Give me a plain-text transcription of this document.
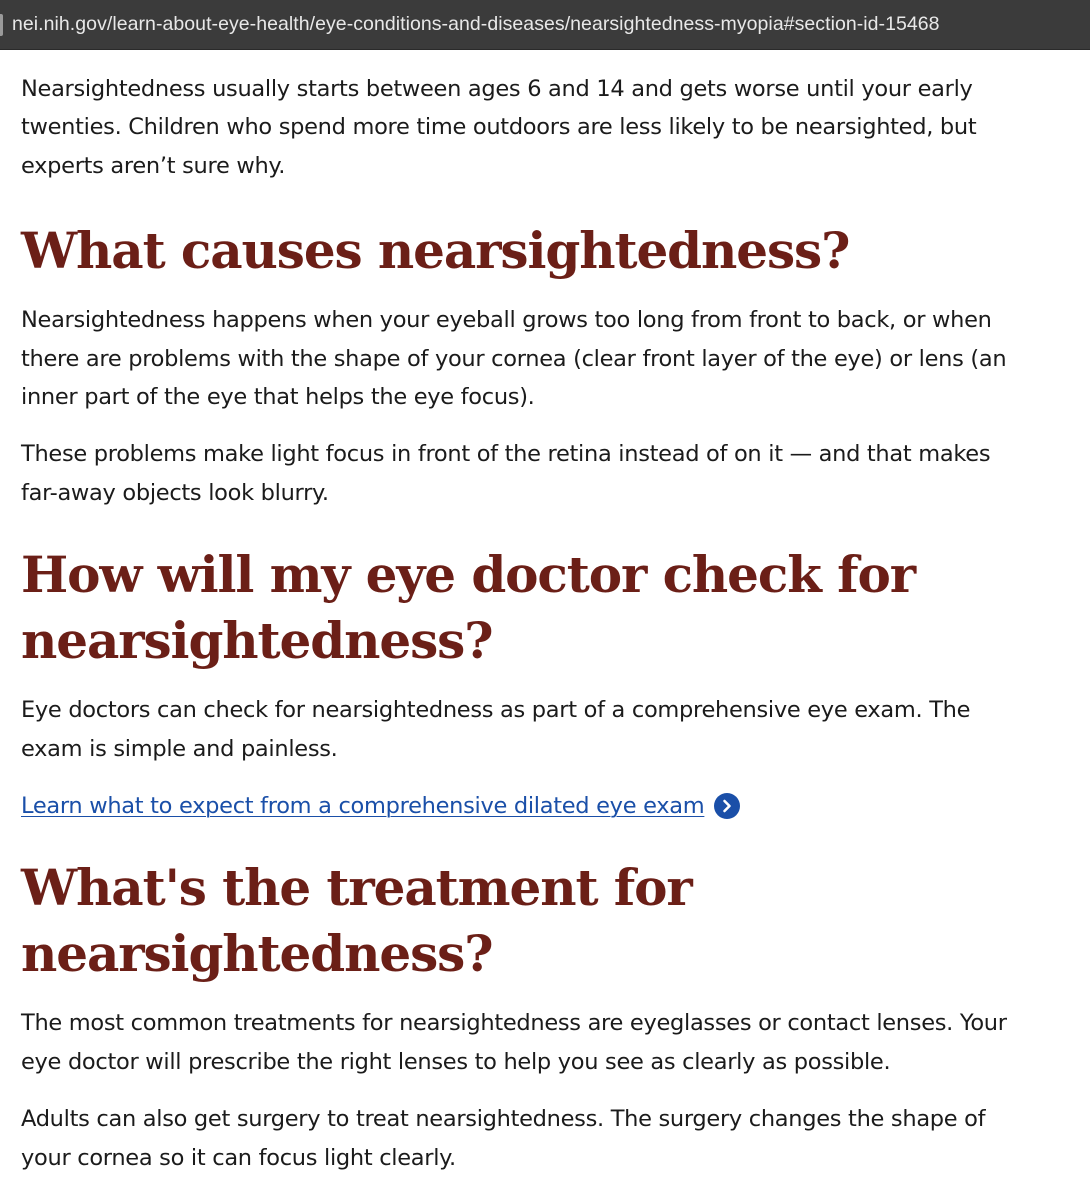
nei.nih.gov/learn-about-eye-health/eye-conditions-and-diseases/nearsightedness-myopia#section-id-15468

Nearsightedness usually starts between ages 6 and 14 and gets worse until your early twenties. Children who spend more time outdoors are less likely to be nearsighted, but experts aren’t sure why.

What causes nearsightedness?

Nearsightedness happens when your eyeball grows too long from front to back, or when there are problems with the shape of your cornea (clear front layer of the eye) or lens (an inner part of the eye that helps the eye focus).

These problems make light focus in front of the retina instead of on it — and that makes far-away objects look blurry.

How will my eye doctor check for nearsightedness?

Eye doctors can check for nearsightedness as part of a comprehensive eye exam. The exam is simple and painless.

Learn what to expect from a comprehensive dilated eye exam
What's the treatment for nearsightedness?

The most common treatments for nearsightedness are eyeglasses or contact lenses. Your eye doctor will prescribe the right lenses to help you see as clearly as possible.

Adults can also get surgery to treat nearsightedness. The surgery changes the shape of your cornea so it can focus light clearly.
